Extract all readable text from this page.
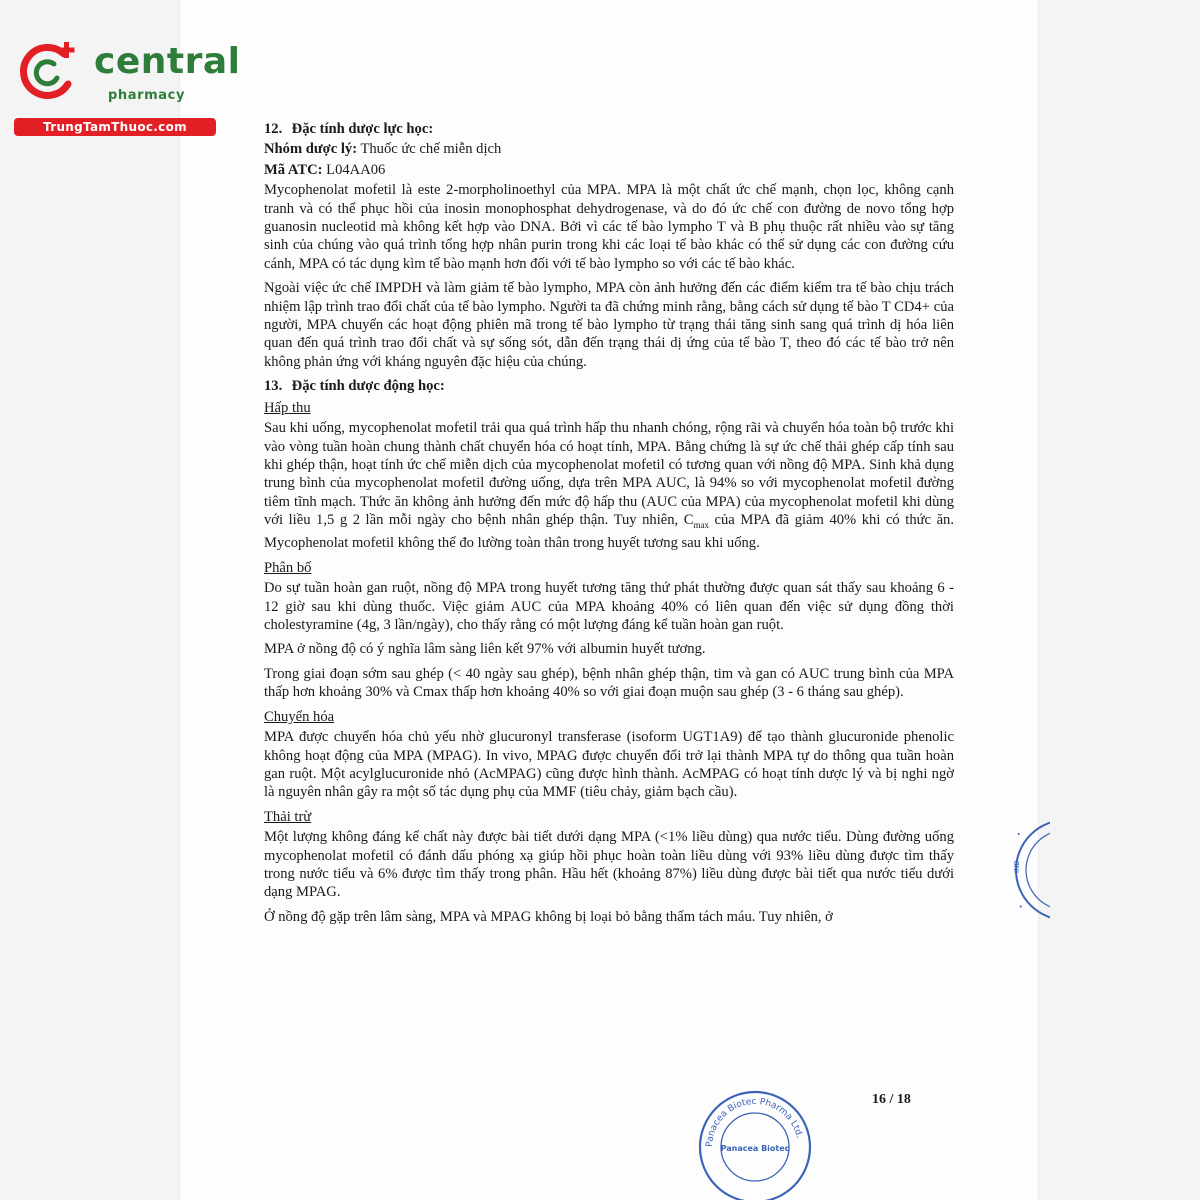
central
pharmacy
TrungTamThuoc.com	12. Đặc tính dược lực học:
Nhóm dược lý: Thuốc ức chế miễn dịch
Mã ATC: L04AA06

Mycophenolat mofetil là este 2-morpholinoethyl của MPA. MPA là một chất ức chế mạnh, chọn lọc, không cạnh tranh và có thể phục hồi của inosin monophosphat dehydrogenase, và do đó ức chế con đường de novo tổng hợp guanosin nucleotid mà không kết hợp vào DNA. Bởi vì các tế bào lympho T và B phụ thuộc rất nhiều vào sự tăng sinh của chúng vào quá trình tổng hợp nhân purin trong khi các loại tế bào khác có thể sử dụng các con đường cứu cánh, MPA có tác dụng kìm tế bào mạnh hơn đối với tế bào lympho so với các tế bào khác.

Ngoài việc ức chế IMPDH và làm giảm tế bào lympho, MPA còn ảnh hưởng đến các điểm kiểm tra tế bào chịu trách nhiệm lập trình trao đổi chất của tế bào lympho. Người ta đã chứng minh rằng, bằng cách sử dụng tế bào T CD4+ của người, MPA chuyển các hoạt động phiên mã trong tế bào lympho từ trạng thái tăng sinh sang quá trình dị hóa liên quan đến quá trình trao đổi chất và sự sống sót, dẫn đến trạng thái dị ứng của tế bào T, theo đó các tế bào trở nên không phản ứng với kháng nguyên đặc hiệu của chúng.

13. Đặc tính dược động học:
Hấp thu

Sau khi uống, mycophenolat mofetil trải qua quá trình hấp thu nhanh chóng, rộng rãi và chuyển hóa toàn bộ trước khi vào vòng tuần hoàn chung thành chất chuyển hóa có hoạt tính, MPA. Bằng chứng là sự ức chế thải ghép cấp tính sau khi ghép thận, hoạt tính ức chế miễn dịch của mycophenolat mofetil có tương quan với nồng độ MPA. Sinh khả dụng trung bình của mycophenolat mofetil đường uống, dựa trên MPA AUC, là 94% so với mycophenolat mofetil đường tiêm tĩnh mạch. Thức ăn không ảnh hưởng đến mức độ hấp thu (AUC của MPA) của mycophenolat mofetil khi dùng với liều 1,5 g 2 lần mỗi ngày cho bệnh nhân ghép thận. Tuy nhiên, $C_{max}$ của MPA đã giảm 40% khi có thức ăn. Mycophenolat mofetil không thể đo lường toàn thân trong huyết tương sau khi uống.

Phân bố

Do sự tuần hoàn gan ruột, nồng độ MPA trong huyết tương tăng thứ phát thường được quan sát thấy sau khoảng 6 - 12 giờ sau khi dùng thuốc. Việc giảm AUC của MPA khoảng 40% có liên quan đến việc sử dụng đồng thời cholestyramine (4g, 3 lần/ngày), cho thấy rằng có một lượng đáng kể tuần hoàn gan ruột.

MPA ở nồng độ có ý nghĩa lâm sàng liên kết 97% với albumin huyết tương.

Trong giai đoạn sớm sau ghép (< 40 ngày sau ghép), bệnh nhân ghép thận, tim và gan có AUC trung bình của MPA thấp hơn khoảng 30% và Cmax thấp hơn khoảng 40% so với giai đoạn muộn sau ghép (3 - 6 tháng sau ghép).

Chuyển hóa

MPA được chuyển hóa chủ yếu nhờ glucuronyl transferase (isoform UGT1A9) để tạo thành glucuronide phenolic không hoạt động của MPA (MPAG). In vivo, MPAG được chuyển đổi trở lại thành MPA tự do thông qua tuần hoàn gan ruột. Một acylglucuronide nhỏ (AcMPAG) cũng được hình thành. AcMPAG có hoạt tính dược lý và bị nghi ngờ là nguyên nhân gây ra một số tác dụng phụ của MMF (tiêu chảy, giảm bạch cầu).

Thải trừ

Một lượng không đáng kể chất này được bài tiết dưới dạng MPA (<1% liều dùng) qua nước tiểu. Dùng đường uống mycophenolat mofetil có đánh dấu phóng xạ giúp hồi phục hoàn toàn liều dùng với 93% liều dùng được tìm thấy trong nước tiểu và 6% được tìm thấy trong phân. Hầu hết (khoảng 87%) liều dùng được bài tiết qua nước tiểu dưới dạng MPAG.

Ở nồng độ gặp trên lâm sàng, MPA và MPAG không bị loại bỏ bằng thẩm tách máu. Tuy nhiên, ở

16 / 18
•
IND
•
Panacea Biotec Pharma Ltd.
Panacea Biotec
